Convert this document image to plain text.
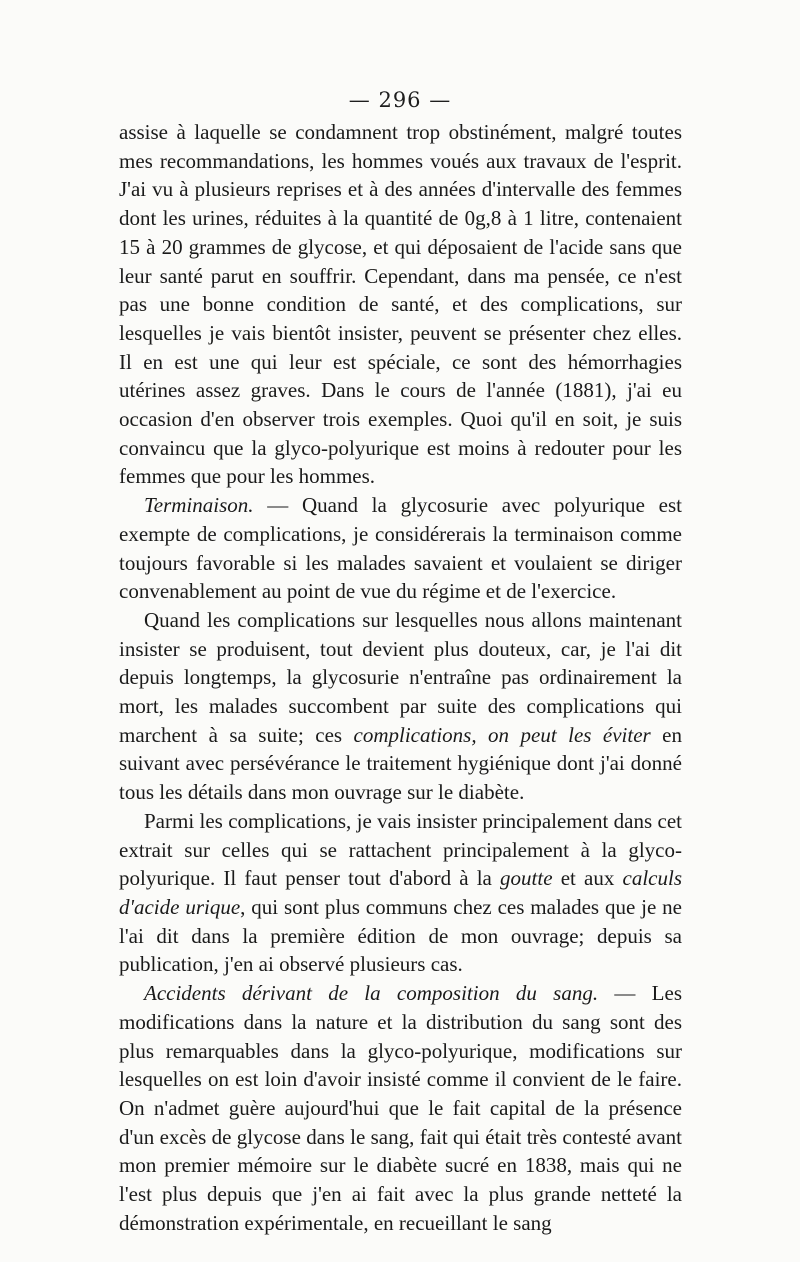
— 296 —

assise à laquelle se condamnent trop obstinément, malgré toutes mes recommandations, les hommes voués aux travaux de l'esprit. J'ai vu à plusieurs reprises et à des années d'intervalle des femmes dont les urines, réduites à la quantité de 0g,8 à 1 litre, contenaient 15 à 20 grammes de glycose, et qui déposaient de l'acide sans que leur santé parut en souffrir. Cependant, dans ma pensée, ce n'est pas une bonne condition de santé, et des complications, sur lesquelles je vais bientôt insister, peuvent se présenter chez elles. Il en est une qui leur est spéciale, ce sont des hémorrhagies utérines assez graves. Dans le cours de l'année (1881), j'ai eu occasion d'en observer trois exemples. Quoi qu'il en soit, je suis convaincu que la glyco-polyurique est moins à redouter pour les femmes que pour les hommes.

Terminaison. — Quand la glycosurie avec polyurique est exempte de complications, je considérerais la terminaison comme toujours favorable si les malades savaient et voulaient se diriger convenablement au point de vue du régime et de l'exercice.

Quand les complications sur lesquelles nous allons maintenant insister se produisent, tout devient plus douteux, car, je l'ai dit depuis longtemps, la glycosurie n'entraîne pas ordinairement la mort, les malades succombent par suite des complications qui marchent à sa suite; ces complications, on peut les éviter en suivant avec persévérance le traitement hygiénique dont j'ai donné tous les détails dans mon ouvrage sur le diabète.

Parmi les complications, je vais insister principalement dans cet extrait sur celles qui se rattachent principalement à la glyco-polyurique. Il faut penser tout d'abord à la goutte et aux calculs d'acide urique, qui sont plus communs chez ces malades que je ne l'ai dit dans la première édition de mon ouvrage; depuis sa publication, j'en ai observé plusieurs cas.

Accidents dérivant de la composition du sang. — Les modifications dans la nature et la distribution du sang sont des plus remarquables dans la glyco-polyurique, modifications sur lesquelles on est loin d'avoir insisté comme il convient de le faire. On n'admet guère aujourd'hui que le fait capital de la présence d'un excès de glycose dans le sang, fait qui était très contesté avant mon premier mémoire sur le diabète sucré en 1838, mais qui ne l'est plus depuis que j'en ai fait avec la plus grande netteté la démonstration expérimentale, en recueillant le sang
